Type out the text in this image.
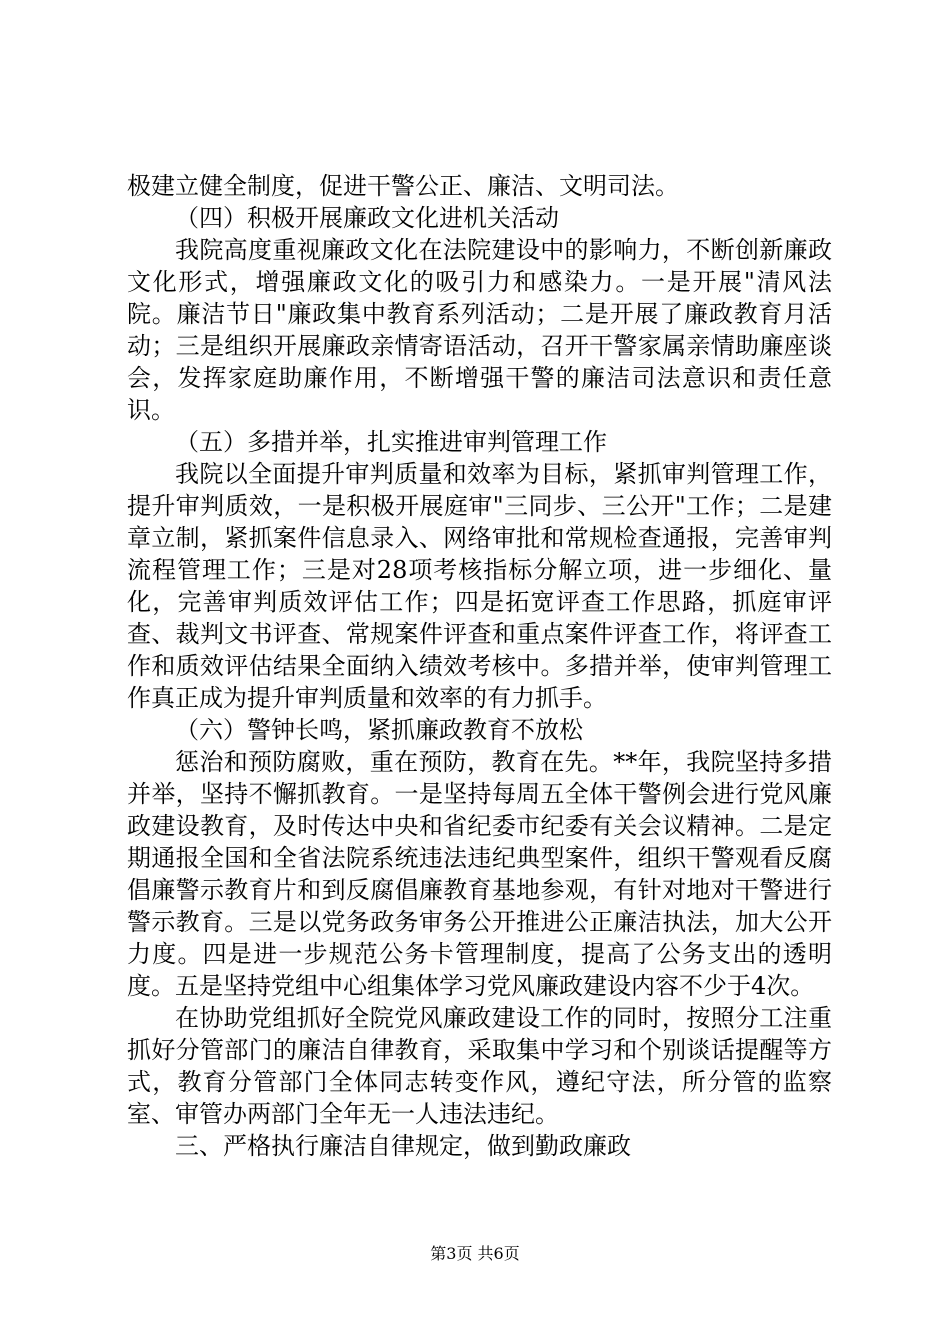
极建立健全制度，促进干警公正、廉洁、文明司法。

（四）积极开展廉政文化进机关活动

我院高度重视廉政文化在法院建设中的影响力，不断创新廉政文化形式，增强廉政文化的吸引力和感染力。一是开展"清风法院。廉洁节日"廉政集中教育系列活动；二是开展了廉政教育月活动；三是组织开展廉政亲情寄语活动，召开干警家属亲情助廉座谈会，发挥家庭助廉作用，不断增强干警的廉洁司法意识和责任意识。

（五）多措并举，扎实推进审判管理工作

我院以全面提升审判质量和效率为目标，紧抓审判管理工作，提升审判质效，一是积极开展庭审"三同步、三公开"工作；二是建章立制，紧抓案件信息录入、网络审批和常规检查通报，完善审判流程管理工作；三是对28项考核指标分解立项，进一步细化、量化，完善审判质效评估工作；四是拓宽评查工作思路，抓庭审评查、裁判文书评查、常规案件评查和重点案件评查工作，将评查工作和质效评估结果全面纳入绩效考核中。多措并举，使审判管理工作真正成为提升审判质量和效率的有力抓手。

（六）警钟长鸣，紧抓廉政教育不放松

惩治和预防腐败，重在预防，教育在先。**年，我院坚持多措并举，坚持不懈抓教育。一是坚持每周五全体干警例会进行党风廉政建设教育，及时传达中央和省纪委市纪委有关会议精神。二是定期通报全国和全省法院系统违法违纪典型案件，组织干警观看反腐倡廉警示教育片和到反腐倡廉教育基地参观，有针对地对干警进行警示教育。三是以党务政务审务公开推进公正廉洁执法，加大公开力度。四是进一步规范公务卡管理制度，提高了公务支出的透明度。五是坚持党组中心组集体学习党风廉政建设内容不少于4次。

在协助党组抓好全院党风廉政建设工作的同时，按照分工注重抓好分管部门的廉洁自律教育，采取集中学习和个别谈话提醒等方式，教育分管部门全体同志转变作风，遵纪守法，所分管的监察室、审管办两部门全年无一人违法违纪。

三、严格执行廉洁自律规定，做到勤政廉政

第3页 共6页
